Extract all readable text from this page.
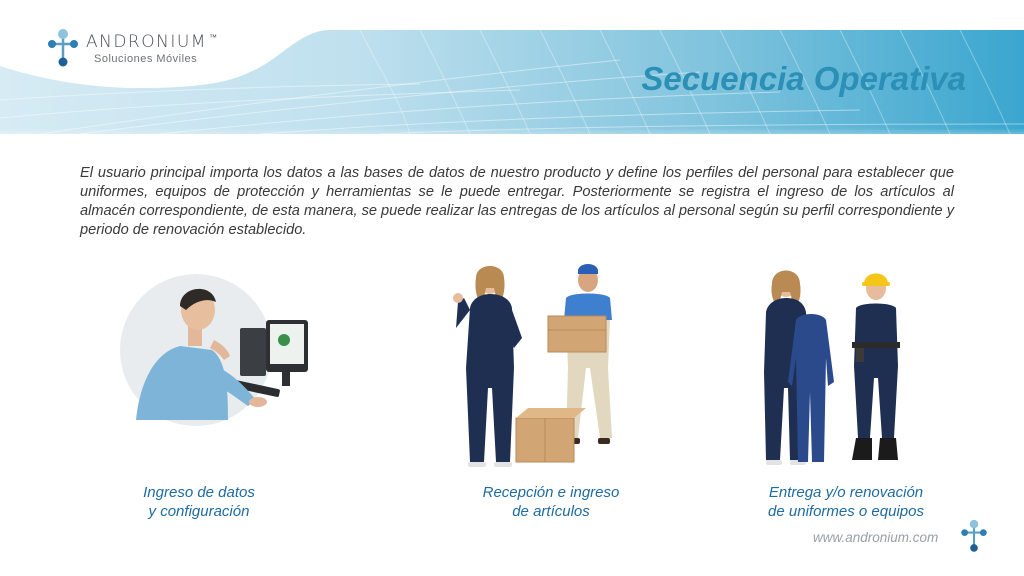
ANDRONIUM ™
Soluciones Móviles
Secuencia Operativa

El usuario principal importa los datos a las bases de datos de nuestro producto y define los perfiles del personal para establecer que uniformes, equipos de protección y herramientas se le puede entregar. Posteriormente se registra el ingreso de los artículos al almacén correspondiente, de esta manera, se puede realizar las entregas de los artículos al personal según su perfil correspondiente y periodo de renovación establecido.

Ingreso de datos
y configuración
Recepción e ingreso
de artículos
Entrega y/o renovación
de uniformes o equipos
www.andronium.com
